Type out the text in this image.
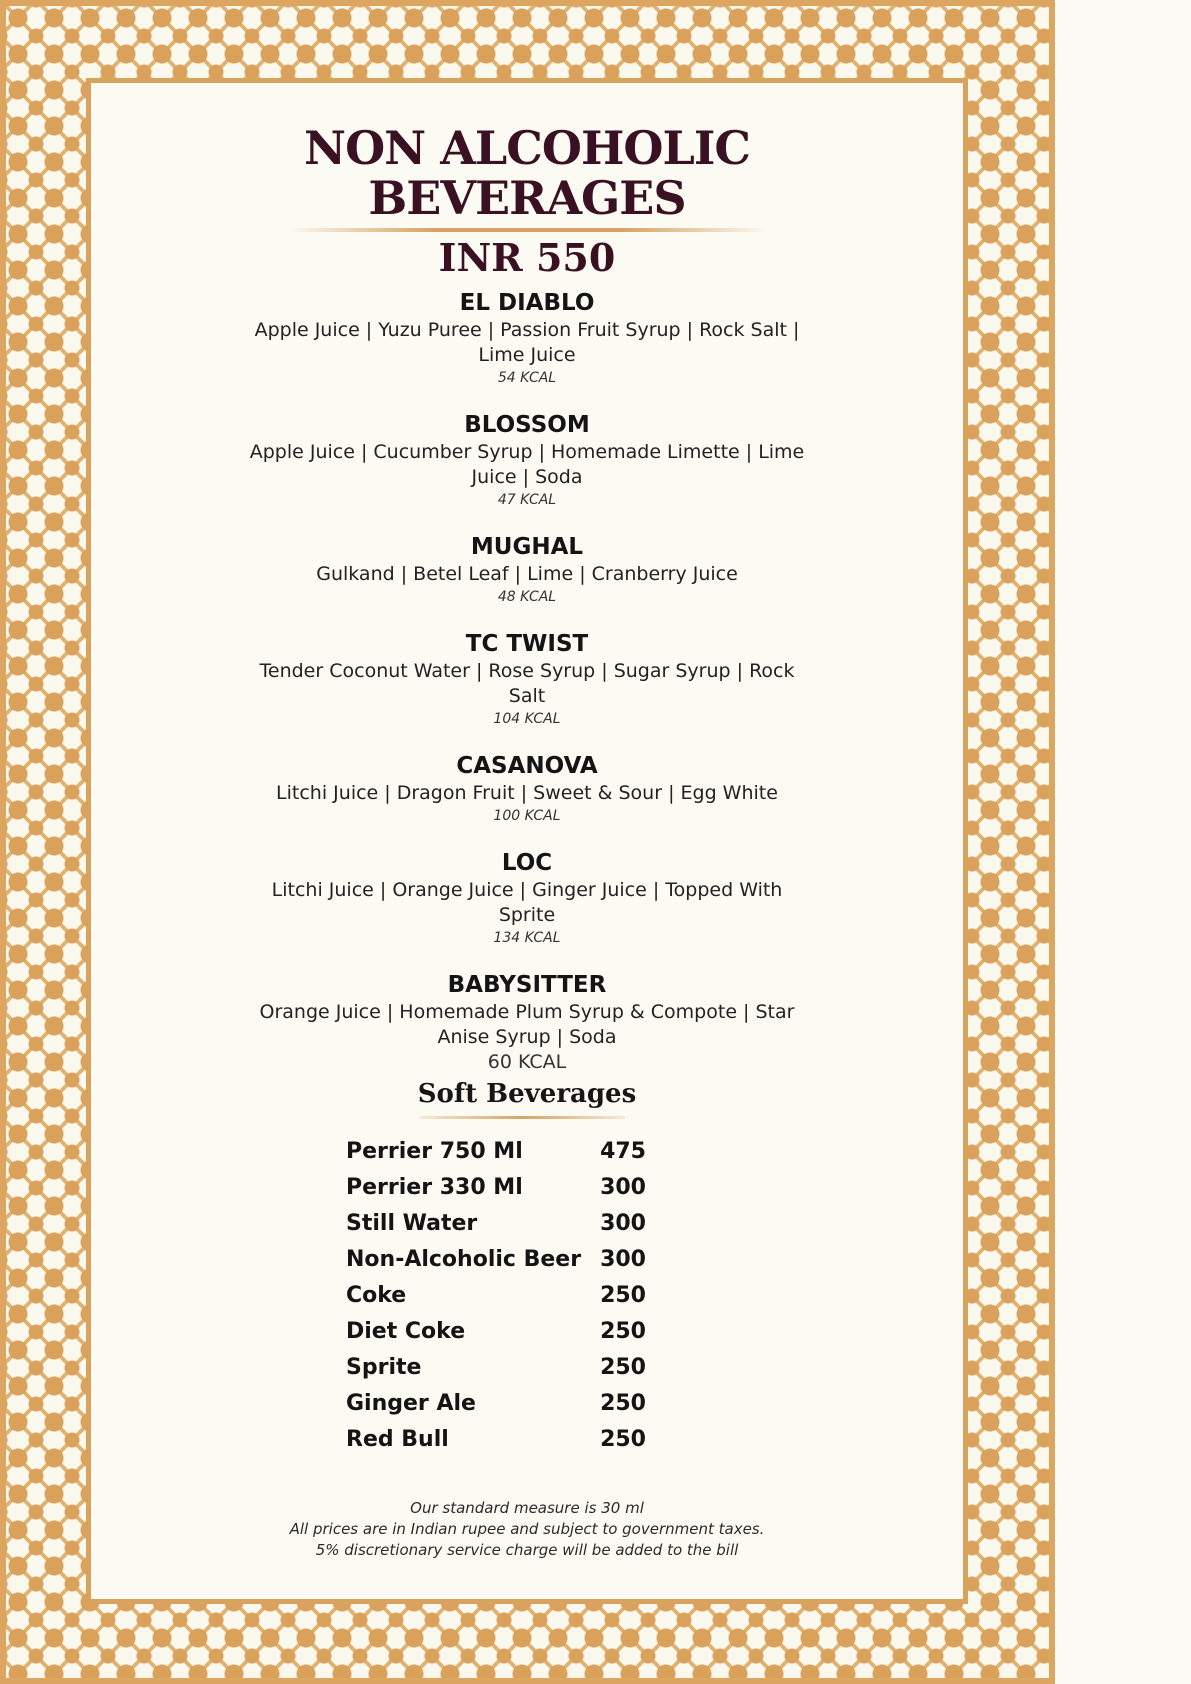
NON ALCOHOLIC
BEVERAGES
INR 550
EL DIABLO
Apple Juice | Yuzu Puree | Passion Fruit Syrup | Rock Salt | Lime Juice
54 KCAL
BLOSSOM
Apple Juice | Cucumber Syrup | Homemade Limette | Lime Juice | Soda
47 KCAL
MUGHAL
Gulkand | Betel Leaf | Lime | Cranberry Juice
48 KCAL
TC TWIST
Tender Coconut Water | Rose Syrup | Sugar Syrup | Rock Salt
104 KCAL
CASANOVA
Litchi Juice | Dragon Fruit | Sweet & Sour | Egg White
100 KCAL
LOC
Litchi Juice | Orange Juice | Ginger Juice | Topped With Sprite
134 KCAL
BABYSITTER
Orange Juice | Homemade Plum Syrup & Compote | Star Anise Syrup | Soda
60 KCAL
Soft Beverages
Perrier 750 Ml	475
Perrier 330 Ml	300
Still Water	300
Non-Alcoholic Beer 300
Coke	250
Diet Coke	250
Sprite	250
Ginger Ale	250
Red Bull	250
Our standard measure is 30 ml
All prices are in Indian rupee and subject to government taxes.
5% discretionary service charge will be added to the bill
